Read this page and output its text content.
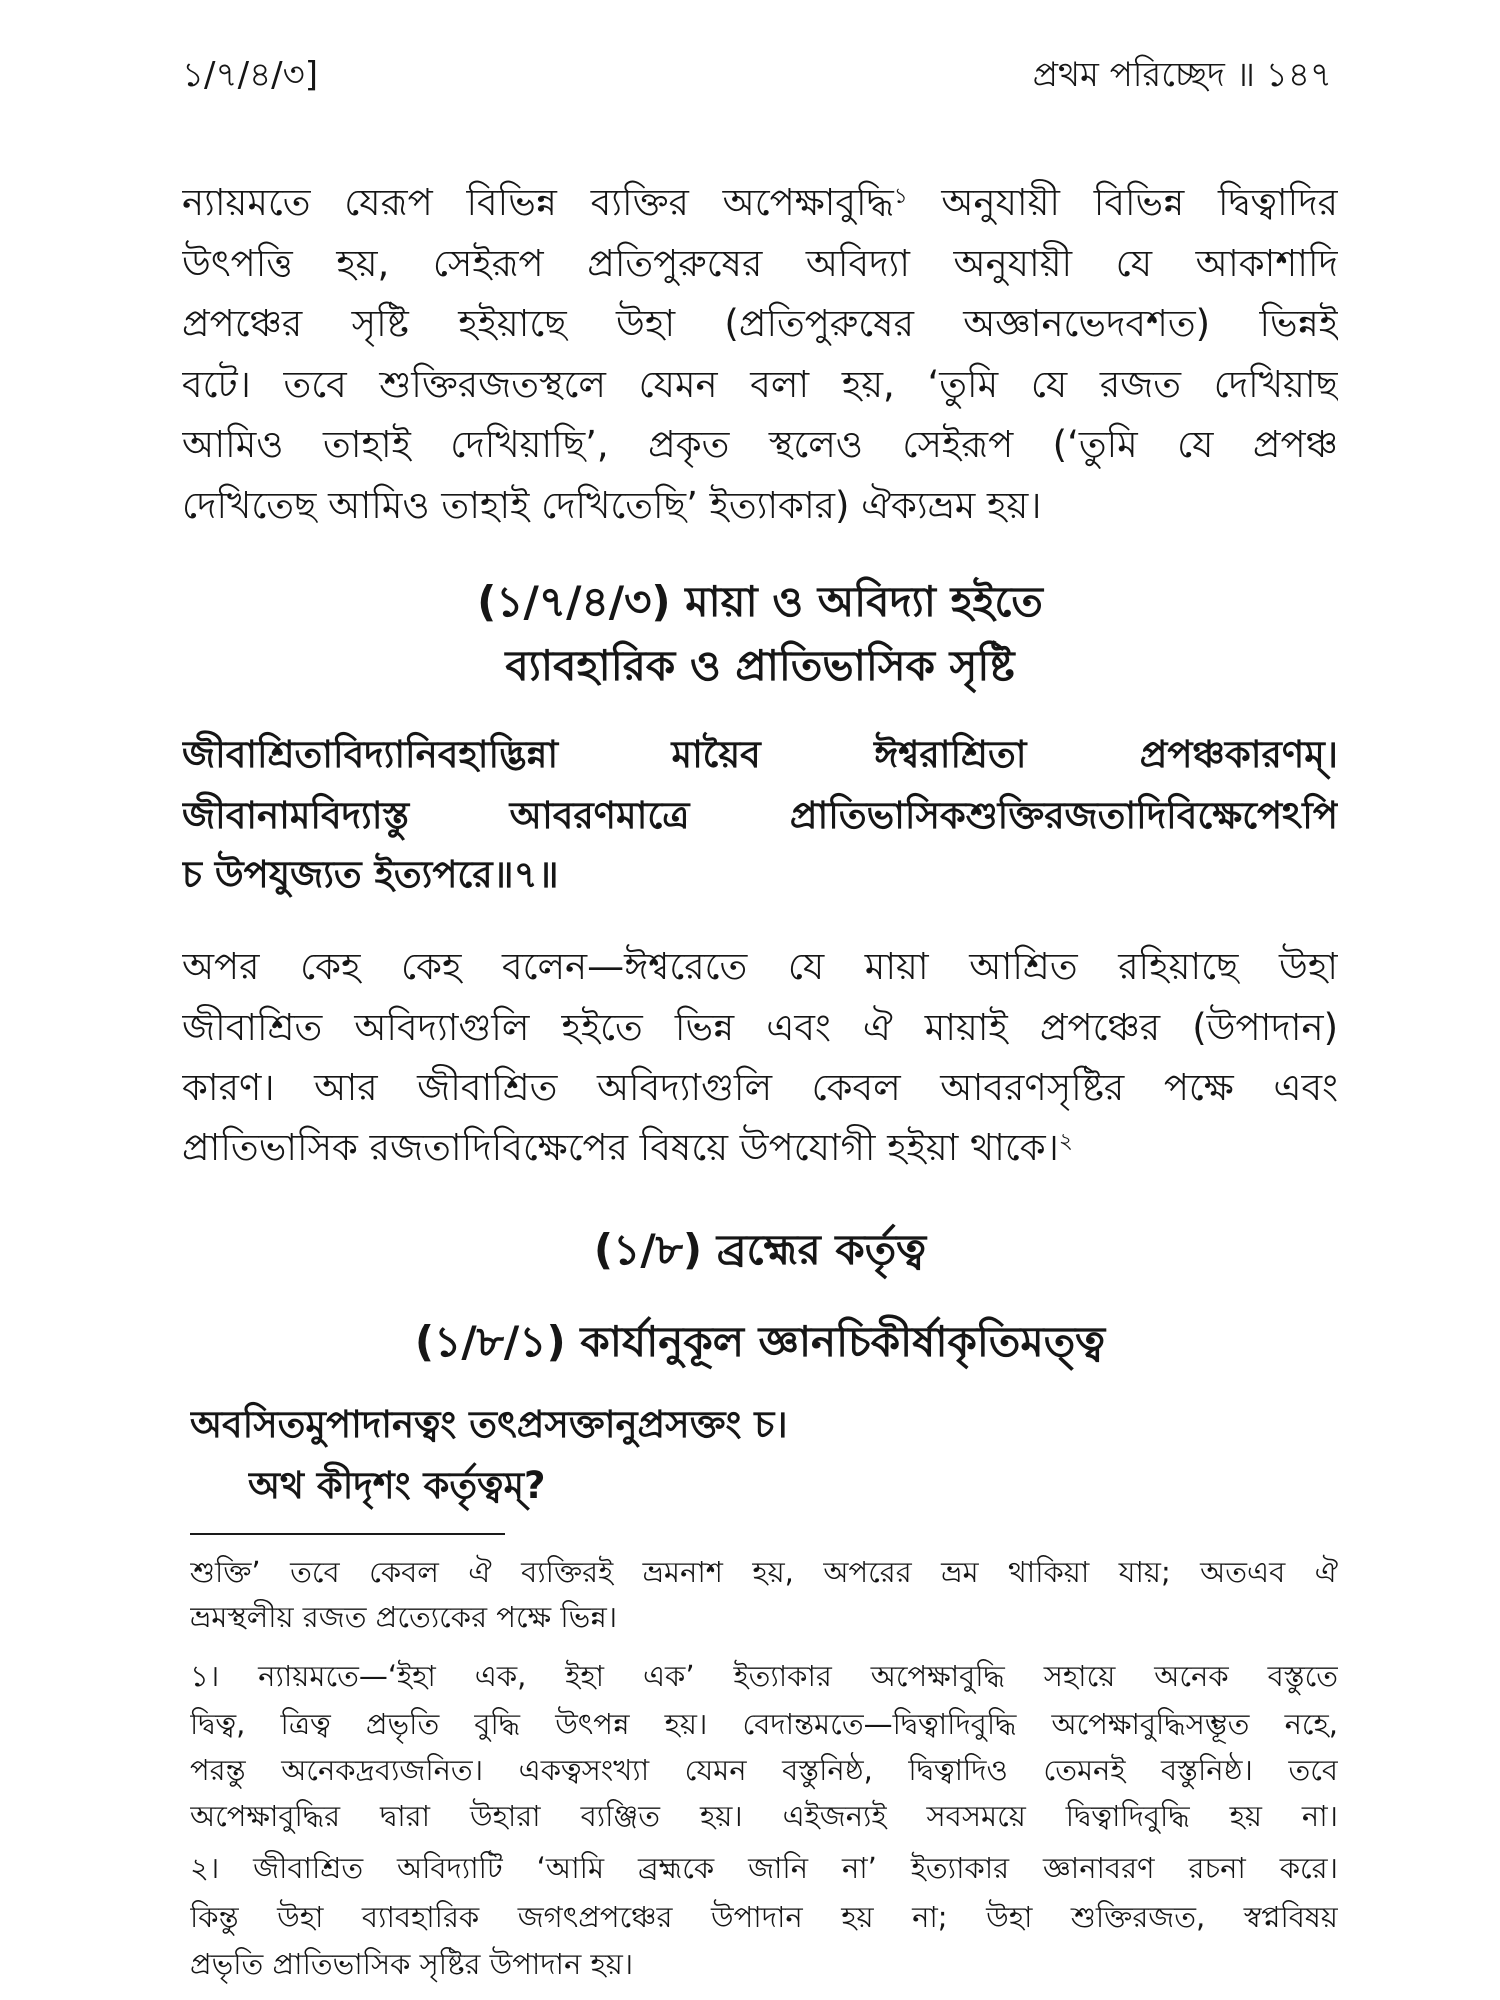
১/৭/৪/৩]	প্রথম পরিচ্ছেদ ॥ ১৪৭
ন্যায়মতে যেরূপ বিভিন্ন ব্যক্তির অপেক্ষাবুদ্ধি$^১$ অনুযায়ী বিভিন্ন দ্বিত্বাদির
উৎপত্তি হয়, সেইরূপ প্রতিপুরুষের অবিদ্যা অনুযায়ী যে আকাশাদি
প্রপঞ্চের সৃষ্টি হইয়াছে উহা (প্রতিপুরুষের অজ্ঞানভেদবশত) ভিন্নই
বটে। তবে শুক্তিরজতস্থলে যেমন বলা হয়, ‘তুমি যে রজত দেখিয়াছ
আমিও তাহাই দেখিয়াছি’, প্রকৃত স্থলেও সেইরূপ (‘তুমি যে প্রপঞ্চ
দেখিতেছ আমিও তাহাই দেখিতেছি’ ইত্যাকার) ঐক্যভ্রম হয়।
(১/৭/৪/৩) মায়া ও অবিদ্যা হইতে
ব্যাবহারিক ও প্রাতিভাসিক সৃষ্টি
জীবাশ্রিতাবিদ্যানিবহাদ্ভিন্না মায়ৈব ঈশ্বরাশ্রিতা প্রপঞ্চকারণম্।
জীবানামবিদ্যাস্তু আবরণমাত্রে প্রাতিভাসিকশুক্তিরজতাদিবিক্ষেপেঽপি
চ উপযুজ্যত ইত্যপরে॥৭॥
অপর কেহ কেহ বলেন—ঈশ্বরেতে যে মায়া আশ্রিত রহিয়াছে উহা
জীবাশ্রিত অবিদ্যাগুলি হইতে ভিন্ন এবং ঐ মায়াই প্রপঞ্চের (উপাদান)
কারণ। আর জীবাশ্রিত অবিদ্যাগুলি কেবল আবরণসৃষ্টির পক্ষে এবং
প্রাতিভাসিক রজতাদিবিক্ষেপের বিষয়ে উপযোগী হইয়া থাকে।$^২$
(১/৮) ব্রহ্মের কর্তৃত্ব
(১/৮/১) কার্যানুকূল জ্ঞানচিকীর্ষাকৃতিমত্ত্ব
অবসিতমুপাদানত্বং তৎপ্রসক্তানুপ্রসক্তং চ।
অথ কীদৃশং কর্তৃত্বম্?
শুক্তি’ তবে কেবল ঐ ব্যক্তিরই ভ্রমনাশ হয়, অপরের ভ্রম থাকিয়া যায়; অতএব ঐ
ভ্রমস্থলীয় রজত প্রত্যেকের পক্ষে ভিন্ন।
১। ন্যায়মতে—‘ইহা এক, ইহা এক’ ইত্যাকার অপেক্ষাবুদ্ধি সহায়ে অনেক বস্তুতে
দ্বিত্ব, ত্রিত্ব প্রভৃতি বুদ্ধি উৎপন্ন হয়। বেদান্তমতে—দ্বিত্বাদিবুদ্ধি অপেক্ষাবুদ্ধিসম্ভূত নহে,
পরন্তু অনেকদ্রব্যজনিত। একত্বসংখ্যা যেমন বস্তুনিষ্ঠ, দ্বিত্বাদিও তেমনই বস্তুনিষ্ঠ। তবে
অপেক্ষাবুদ্ধির দ্বারা উহারা ব্যঞ্জিত হয়। এইজন্যই সবসময়ে দ্বিত্বাদিবুদ্ধি হয় না।
২। জীবাশ্রিত অবিদ্যাটি ‘আমি ব্রহ্মকে জানি না’ ইত্যাকার জ্ঞানাবরণ রচনা করে।
কিন্তু উহা ব্যাবহারিক জগৎপ্রপঞ্চের উপাদান হয় না; উহা শুক্তিরজত, স্বপ্নবিষয়
প্রভৃতি প্রাতিভাসিক সৃষ্টির উপাদান হয়।
